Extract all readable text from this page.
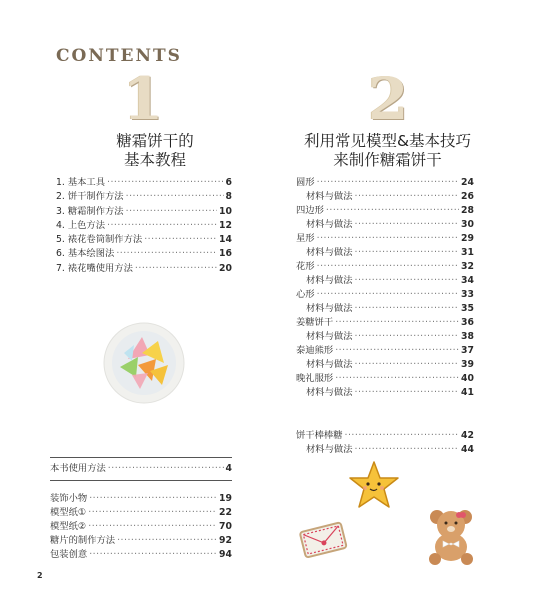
CONTENTS
1	2
糖霜饼干的
基本教程
利用常见模型&基本技巧
来制作糖霜饼干
1. 基本工具 ·····	6
2. 饼干制作方法 ·····	8
3. 糖霜制作方法 ·····	10
4. 上色方法 ·····	12
5. 裱花卷筒制作方法 ·····	14
6. 基本绘图法 ·····	16
7. 裱花嘴使用方法 ·····	20
圆形 ·····	24
材料与做法 ·····	26
四边形 ·····	28
材料与做法 ·····	30
星形 ·····	29
材料与做法 ·····	31
花形 ·····	32
材料与做法 ·····	34
心形 ·····	33
材料与做法 ·····	35
姜糖饼干 ·····	36
材料与做法 ·····	38
泰迪熊形 ·····	37
材料与做法 ·····	39
晚礼服形 ·····	40
材料与做法 ·····	41
饼干棒棒糖 ·····	42
材料与做法 ·····	44
本书使用方法 ·····	4
装饰小物 ·····	19
模型纸① ·····	22
模型纸② ·····	70
糖片的制作方法 ·····	92
包装创意 ·····	94
2
